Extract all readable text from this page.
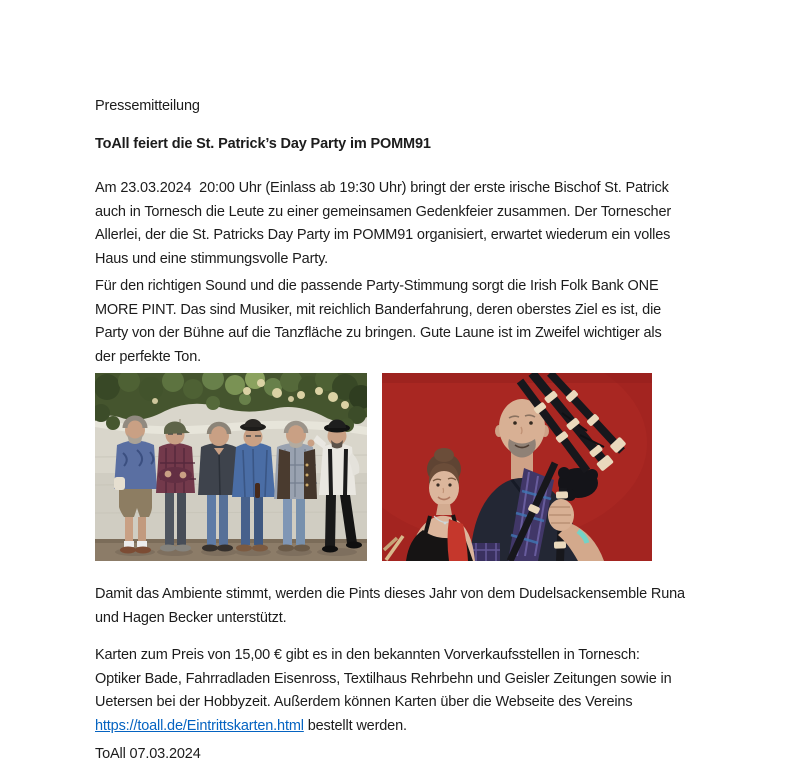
Pressemitteilung

ToAll feiert die St. Patrick’s Day Party im POMM91
Am 23.03.2024  20:00 Uhr (Einlass ab 19:30 Uhr) bringt der erste irische Bischof St. Patrick
auch in Tornesch die Leute zu einer gemeinsamen Gedenkfeier zusammen. Der Tornescher
Allerlei, der die St. Patricks Day Party im POMM91 organisiert, erwartet wiederum ein volles
Haus und eine stimmungsvolle Party.
Für den richtigen Sound und die passende Party-Stimmung sorgt die Irish Folk Bank ONE
MORE PINT. Das sind Musiker, mit reichlich Banderfahrung, deren oberstes Ziel es ist, die
Party von der Bühne auf die Tanzfläche zu bringen. Gute Laune ist im Zweifel wichtiger als
der perfekte Ton.
Damit das Ambiente stimmt, werden die Pints dieses Jahr von dem Dudelsackensemble Runa
und Hagen Becker unterstützt.
Karten zum Preis von 15,00 € gibt es in den bekannten Vorverkaufsstellen in Tornesch:
Optiker Bade, Fahrradladen Eisenross, Textilhaus Rehrbehn und Geisler Zeitungen sowie in
Uetersen bei der Hobbyzeit. Außerdem können Karten über die Webseite des Vereins
https://toall.de/Eintrittskarten.html bestellt werden.

ToAll 07.03.2024
